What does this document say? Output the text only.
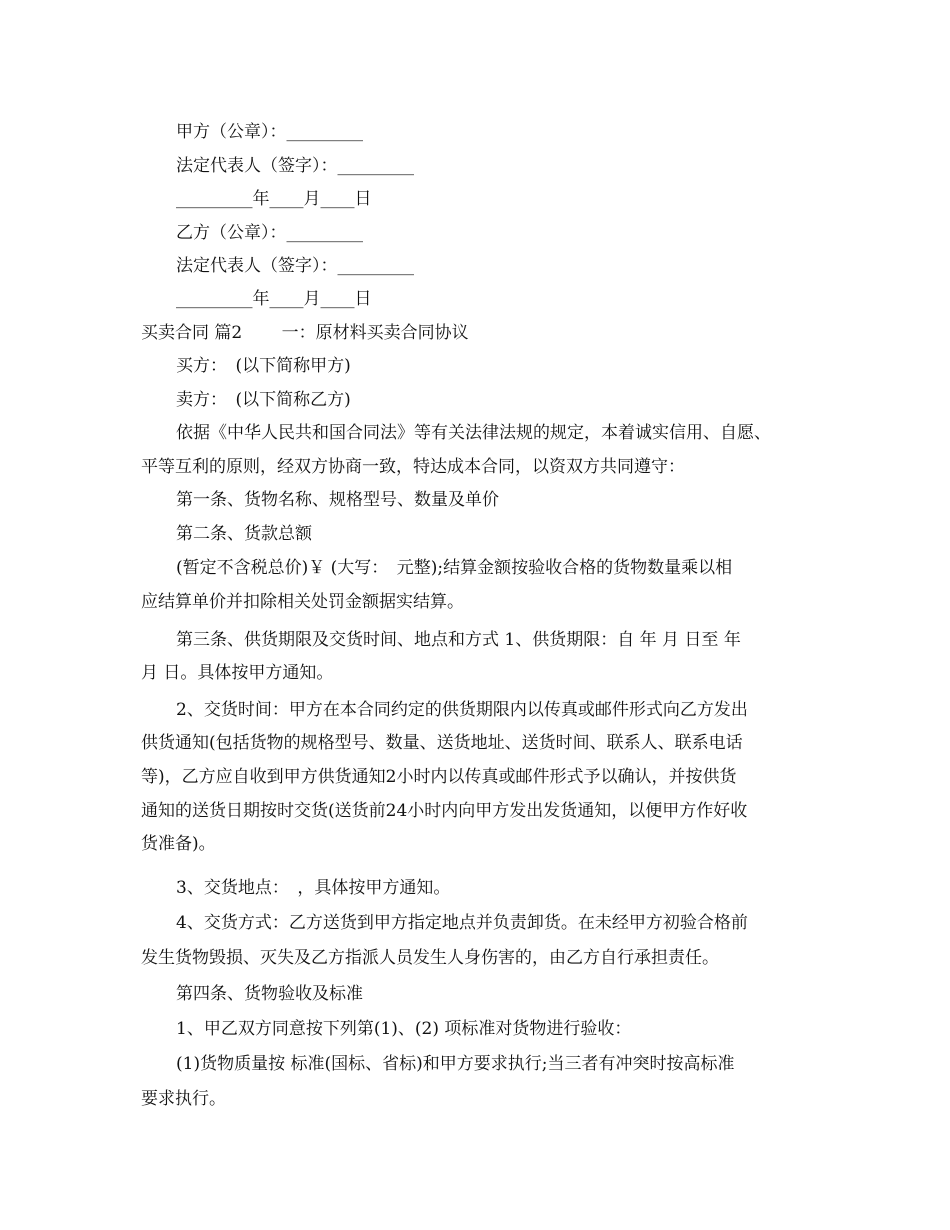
甲方（公章）：_________
法定代表人（签字）：_________
_________年____月____日
乙方（公章）：_________
法定代表人（签字）：_________
_________年____月____日
买卖合同 篇2　　 一：原材料买卖合同协议
买方：　(以下简称甲方)
卖方：　(以下简称乙方)
依据《中华人民共和国合同法》等有关法律法规的规定，本着诚实信用、自愿、
平等互利的原则，经双方协商一致，特达成本合同，以资双方共同遵守：
第一条、货物名称、规格型号、数量及单价
第二条、货款总额
(暂定不含税总价)￥ (大写：　元整);结算金额按验收合格的货物数量乘以相
应结算单价并扣除相关处罚金额据实结算。
第三条、供货期限及交货时间、地点和方式 1、供货期限：自 年 月 日至 年
月 日。具体按甲方通知。
2、交货时间：甲方在本合同约定的供货期限内以传真或邮件形式向乙方发出
供货通知(包括货物的规格型号、数量、送货地址、送货时间、联系人、联系电话
等)，乙方应自收到甲方供货通知2小时内以传真或邮件形式予以确认，并按供货
通知的送货日期按时交货(送货前24小时内向甲方发出发货通知，以便甲方作好收
货准备)。
3、交货地点：　，具体按甲方通知。
4、交货方式：乙方送货到甲方指定地点并负责卸货。在未经甲方初验合格前
发生货物毁损、灭失及乙方指派人员发生人身伤害的，由乙方自行承担责任。
第四条、货物验收及标准
1、甲乙双方同意按下列第(1)、(2) 项标准对货物进行验收：
(1)货物质量按 标准(国标、省标)和甲方要求执行;当三者有冲突时按高标准
要求执行。
